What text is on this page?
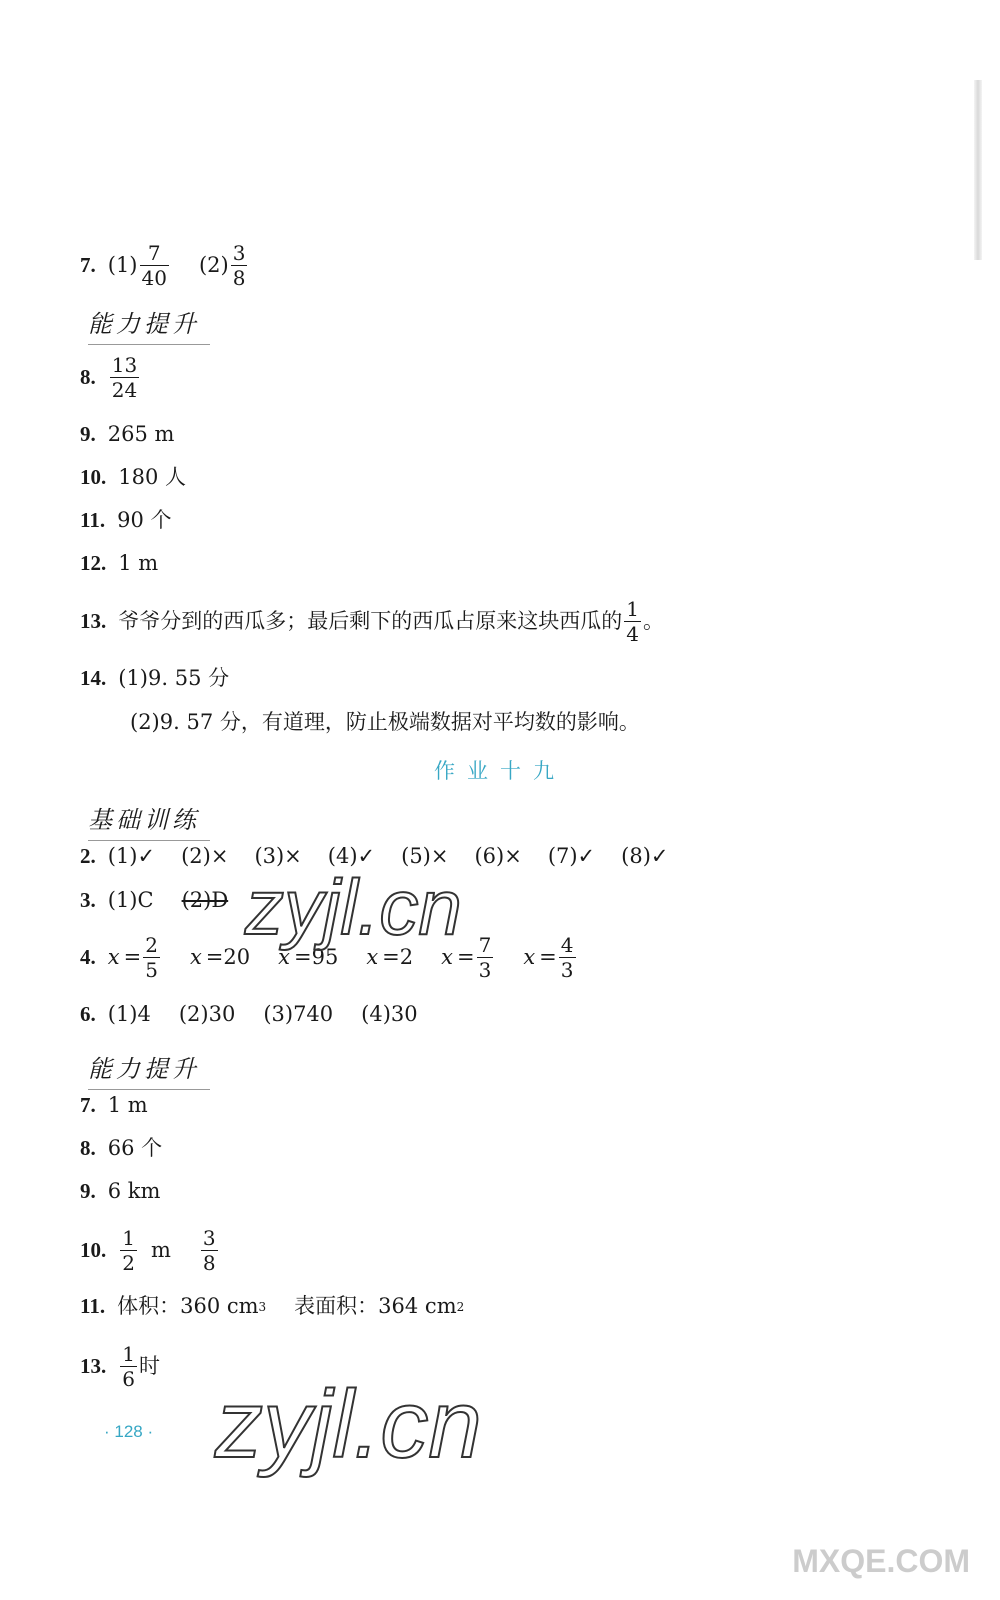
7. $(1) \frac{7}{40} (2) \frac{3}{8}$
能力提升
8. $\frac{13}{24}$
9. 265 m
10. 180 人
11. 90 个
12. 1 m
13. 爷爷分到的西瓜多；最后剩下的西瓜占原来这块西瓜的 $\frac{1}{4}$ 。
14. (1)9. 55 分
(2)9. 57 分，有道理，防止极端数据对平均数的影响。
作业十九
基础训练
2. (1)✓ (2)× (3)× (4)✓ (5)× (6)× (7)✓ (8)✓
3. (1)C (2)D
4. $x = \frac{2}{5}$ x = 20 x = 95 x = 2 $x = \frac{7}{3}$ $x = \frac{4}{3}$
6. (1)4 (2)30 (3)740 (4)30
能力提升
7. 1 m
8. 66 个
9. 6 km
10. $\frac{1}{2}$ m $\frac{3}{8}$
11. 体积：360 cm 3 表面积：364 cm 2
13. $\frac{1}{6}$ 时
· 128 ·
zyjl.cn
zyjl.cn
MXQE.COM
